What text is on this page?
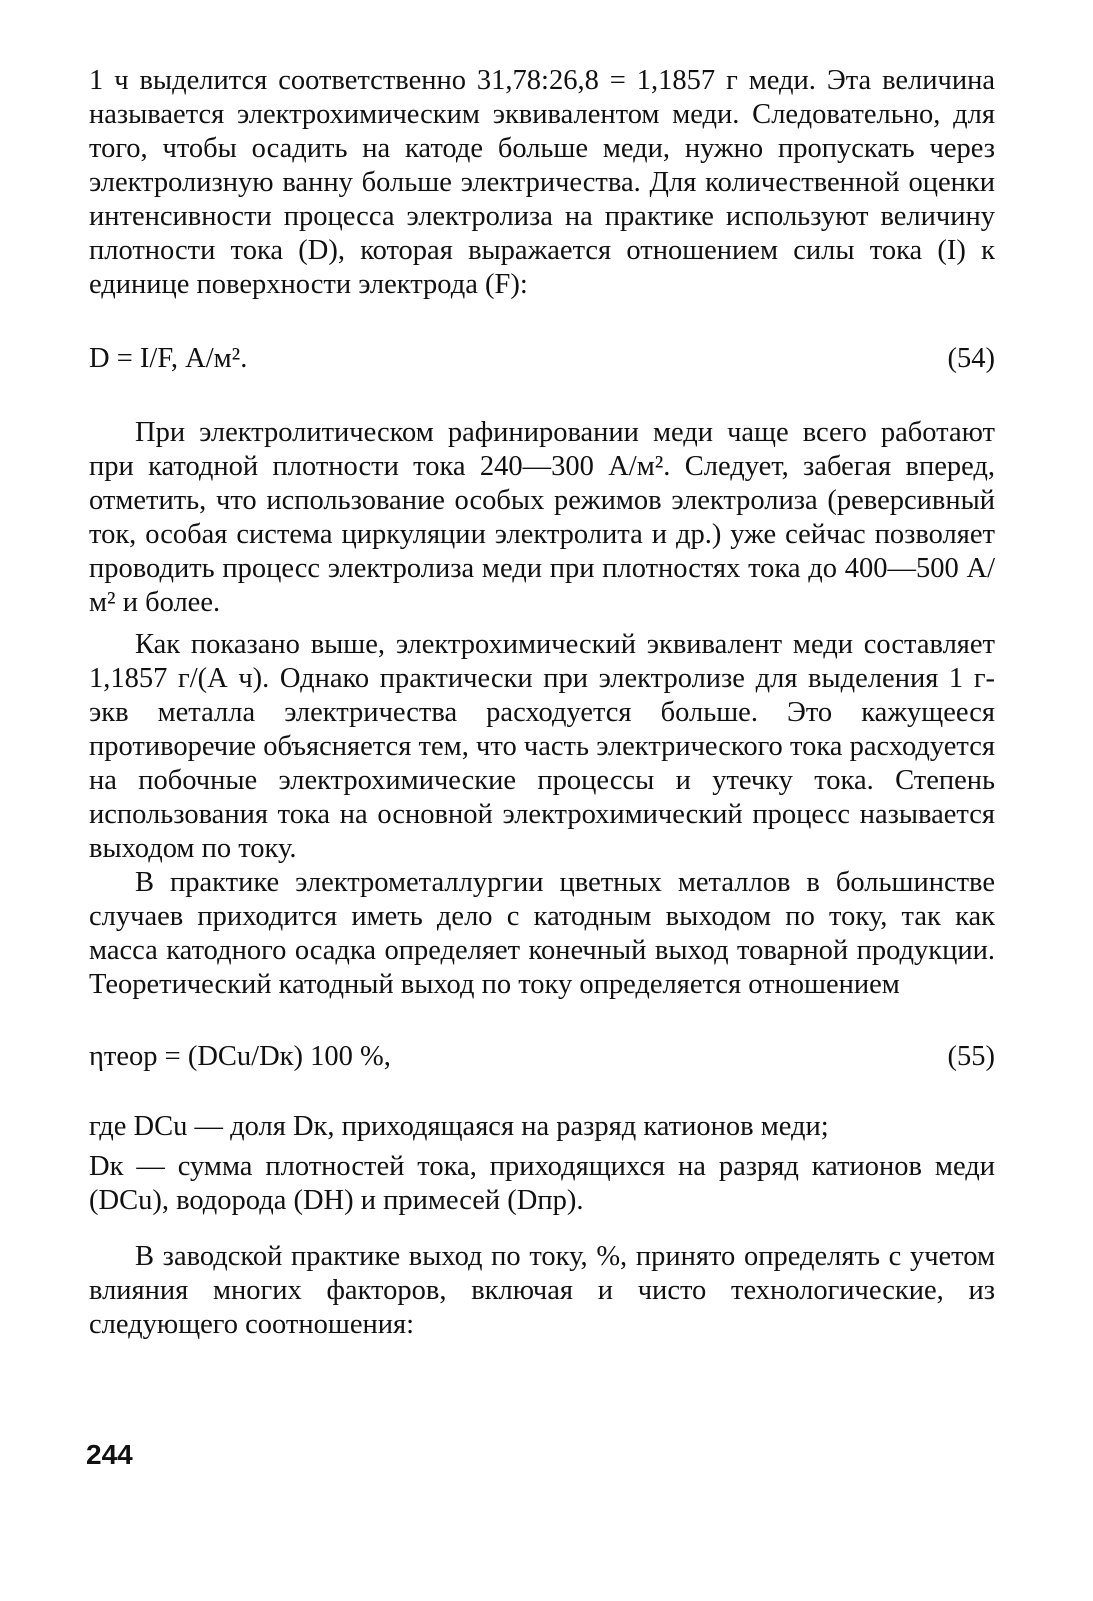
1 ч выделится соответственно 31,78:26,8 = 1,1857 г меди. Эта величина называется электрохимическим эквивалентом меди. Следовательно, для того, чтобы осадить на катоде больше меди, нужно пропускать через электролизную ванну больше электричества. Для количественной оценки интенсивности процесса электролиза на практике используют величину плотности тока (D), которая выражается отношением силы тока (I) к единице поверхности электрода (F):

D = I/F, А/м².	(54)

При электролитическом рафинировании меди чаще всего работают при катодной плотности тока 240—300 А/м². Следует, забегая вперед, отметить, что использование особых режимов электролиза (реверсивный ток, особая система циркуляции электролита и др.) уже сейчас позволяет проводить процесс электролиза меди при плотностях тока до 400—500 А/м² и более.

Как показано выше, электрохимический эквивалент меди составляет 1,1857 г/(А ч). Однако практически при электролизе для выделения 1 г-экв металла электричества расходуется больше. Это кажущееся противоречие объясняется тем, что часть электрического тока расходуется на побочные электрохимические процессы и утечку тока. Степень использования тока на основной электрохимический процесс называется выходом по току.

В практике электрометаллургии цветных металлов в большинстве случаев приходится иметь дело с катодным выходом по току, так как масса катодного осадка определяет конечный выход товарной продукции. Теоретический катодный выход по току определяется отношением

ηтеор = (DCu/Dк) 100 %,	(55)

где DCu — доля Dк, приходящаяся на разряд катионов меди;

Dк — сумма плотностей тока, приходящихся на разряд катионов меди (DCu), водорода (DH) и примесей (Dпр).

В заводской практике выход по току, %, принято определять с учетом влияния многих факторов, включая и чисто технологические, из следующего соотношения:

244
